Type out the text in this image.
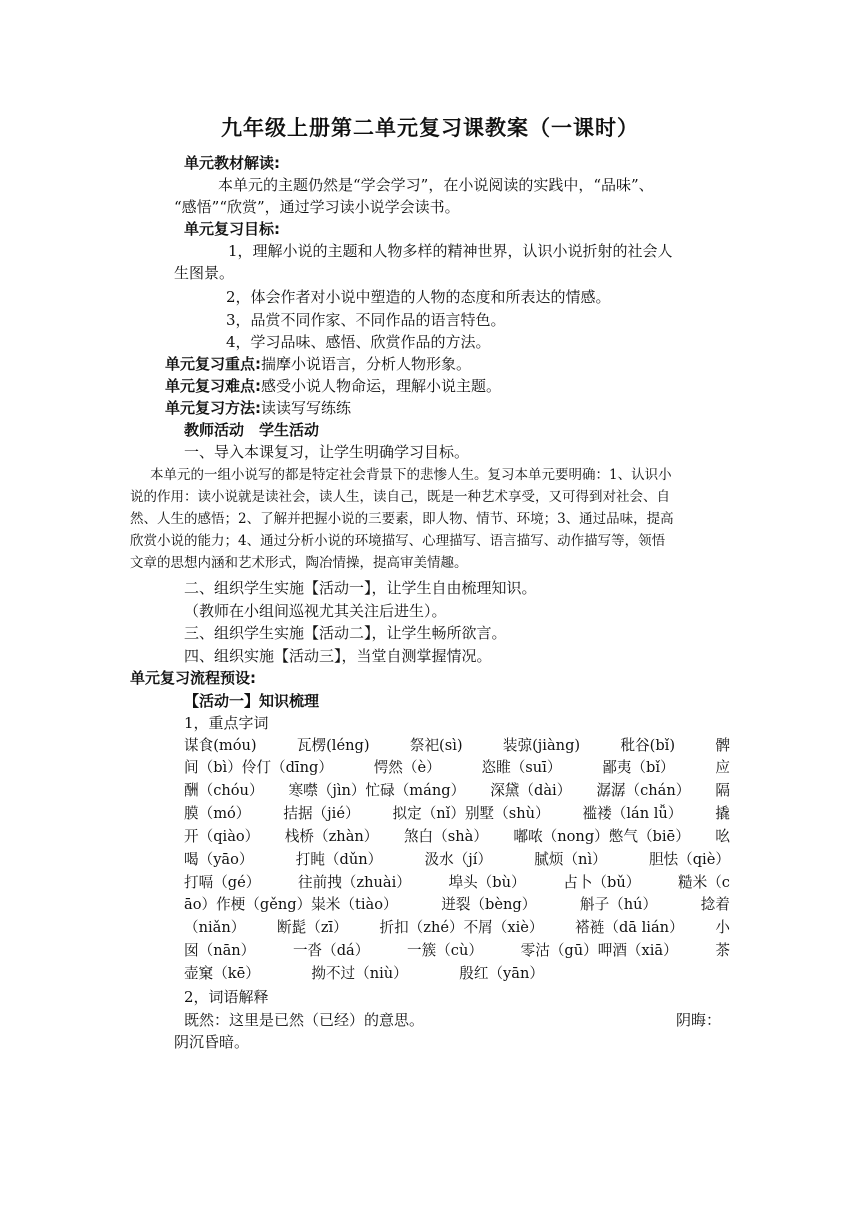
九年级上册第二单元复习课教案（一课时）
单元教材解读:
本单元的主题仍然是“学会学习”，在小说阅读的实践中，“品味”、
“感悟”“欣赏”，通过学习读小说学会读书。
单元复习目标:
1，理解小说的主题和人物多样的精神世界，认识小说折射的社会人
生图景。
2，体会作者对小说中塑造的人物的态度和所表达的情感。
3，品赏不同作家、不同作品的语言特色。
4，学习品味、感悟、欣赏作品的方法。
单元复习重点:揣摩小说语言，分析人物形象。
单元复习难点:感受小说人物命运，理解小说主题。
单元复习方法:读读写写练练
教师活动　学生活动
一、导入本课复习，让学生明确学习目标。
本单元的一组小说写的都是特定社会背景下的悲惨人生。复习本单元要明确：1、认识小
说的作用：读小说就是读社会，读人生，读自己，既是一种艺术享受，又可得到对社会、自
然、人生的感悟；2、了解并把握小说的三要素，即人物、情节、环境；3、通过品味，提高
欣赏小说的能力；4、通过分析小说的环境描写、心理描写、语言描写、动作描写等，领悟
文章的思想内涵和艺术形式，陶冶情操，提高审美情趣。
二、组织学生实施【活动一】，让学生自由梳理知识。
（教师在小组间巡视尤其关注后进生）。
三、组织学生实施【活动二】，让学生畅所欲言。
四、组织实施【活动三】，当堂自测掌握情况。
单元复习流程预设:
【活动一】知识梳理
1，重点字词
谋食(móu)	瓦楞(léng)	祭祀(sì)	装弶(jiàng)	秕谷(bǐ)	髀
间（bì）伶仃（dīng）	愕然（è）	恣睢（suī）	鄙夷（bǐ）	应
酬（chóu） 寒噤（jìn）忙碌（máng） 深黛（dài） 潺潺（chán） 隔
膜（mó） 拮据（jié） 拟定（nǐ）别墅（shù） 褴褛（lán lǚ） 撬
开（qiào） 栈桥（zhàn） 煞白（shà） 嘟哝（nong）憋气（biē） 吆
喝（yāo）	打盹（dǔn）	汲水（jí）	腻烦（nì）	胆怯（qiè）
打嗝（gé）	往前拽（zhuài）	埠头（bù）	占卜（bǔ）	糙米（c
āo）作梗（gěng）粜米（tiào）	迸裂（bèng）	斛子（hú）	捻着
（niǎn） 断髭（zī） 折扣（zhé）不屑（xiè） 褡裢（dā lián） 小
囡（nān）	一沓（dá）	一簇（cù）	零沽（gū）呷酒（xiā）	茶
壶窠（kē）	拗不过（niù）	殷红（yān）
2，词语解释
既然：这里是已然（已经）的意思。	阴晦：
阴沉昏暗。
